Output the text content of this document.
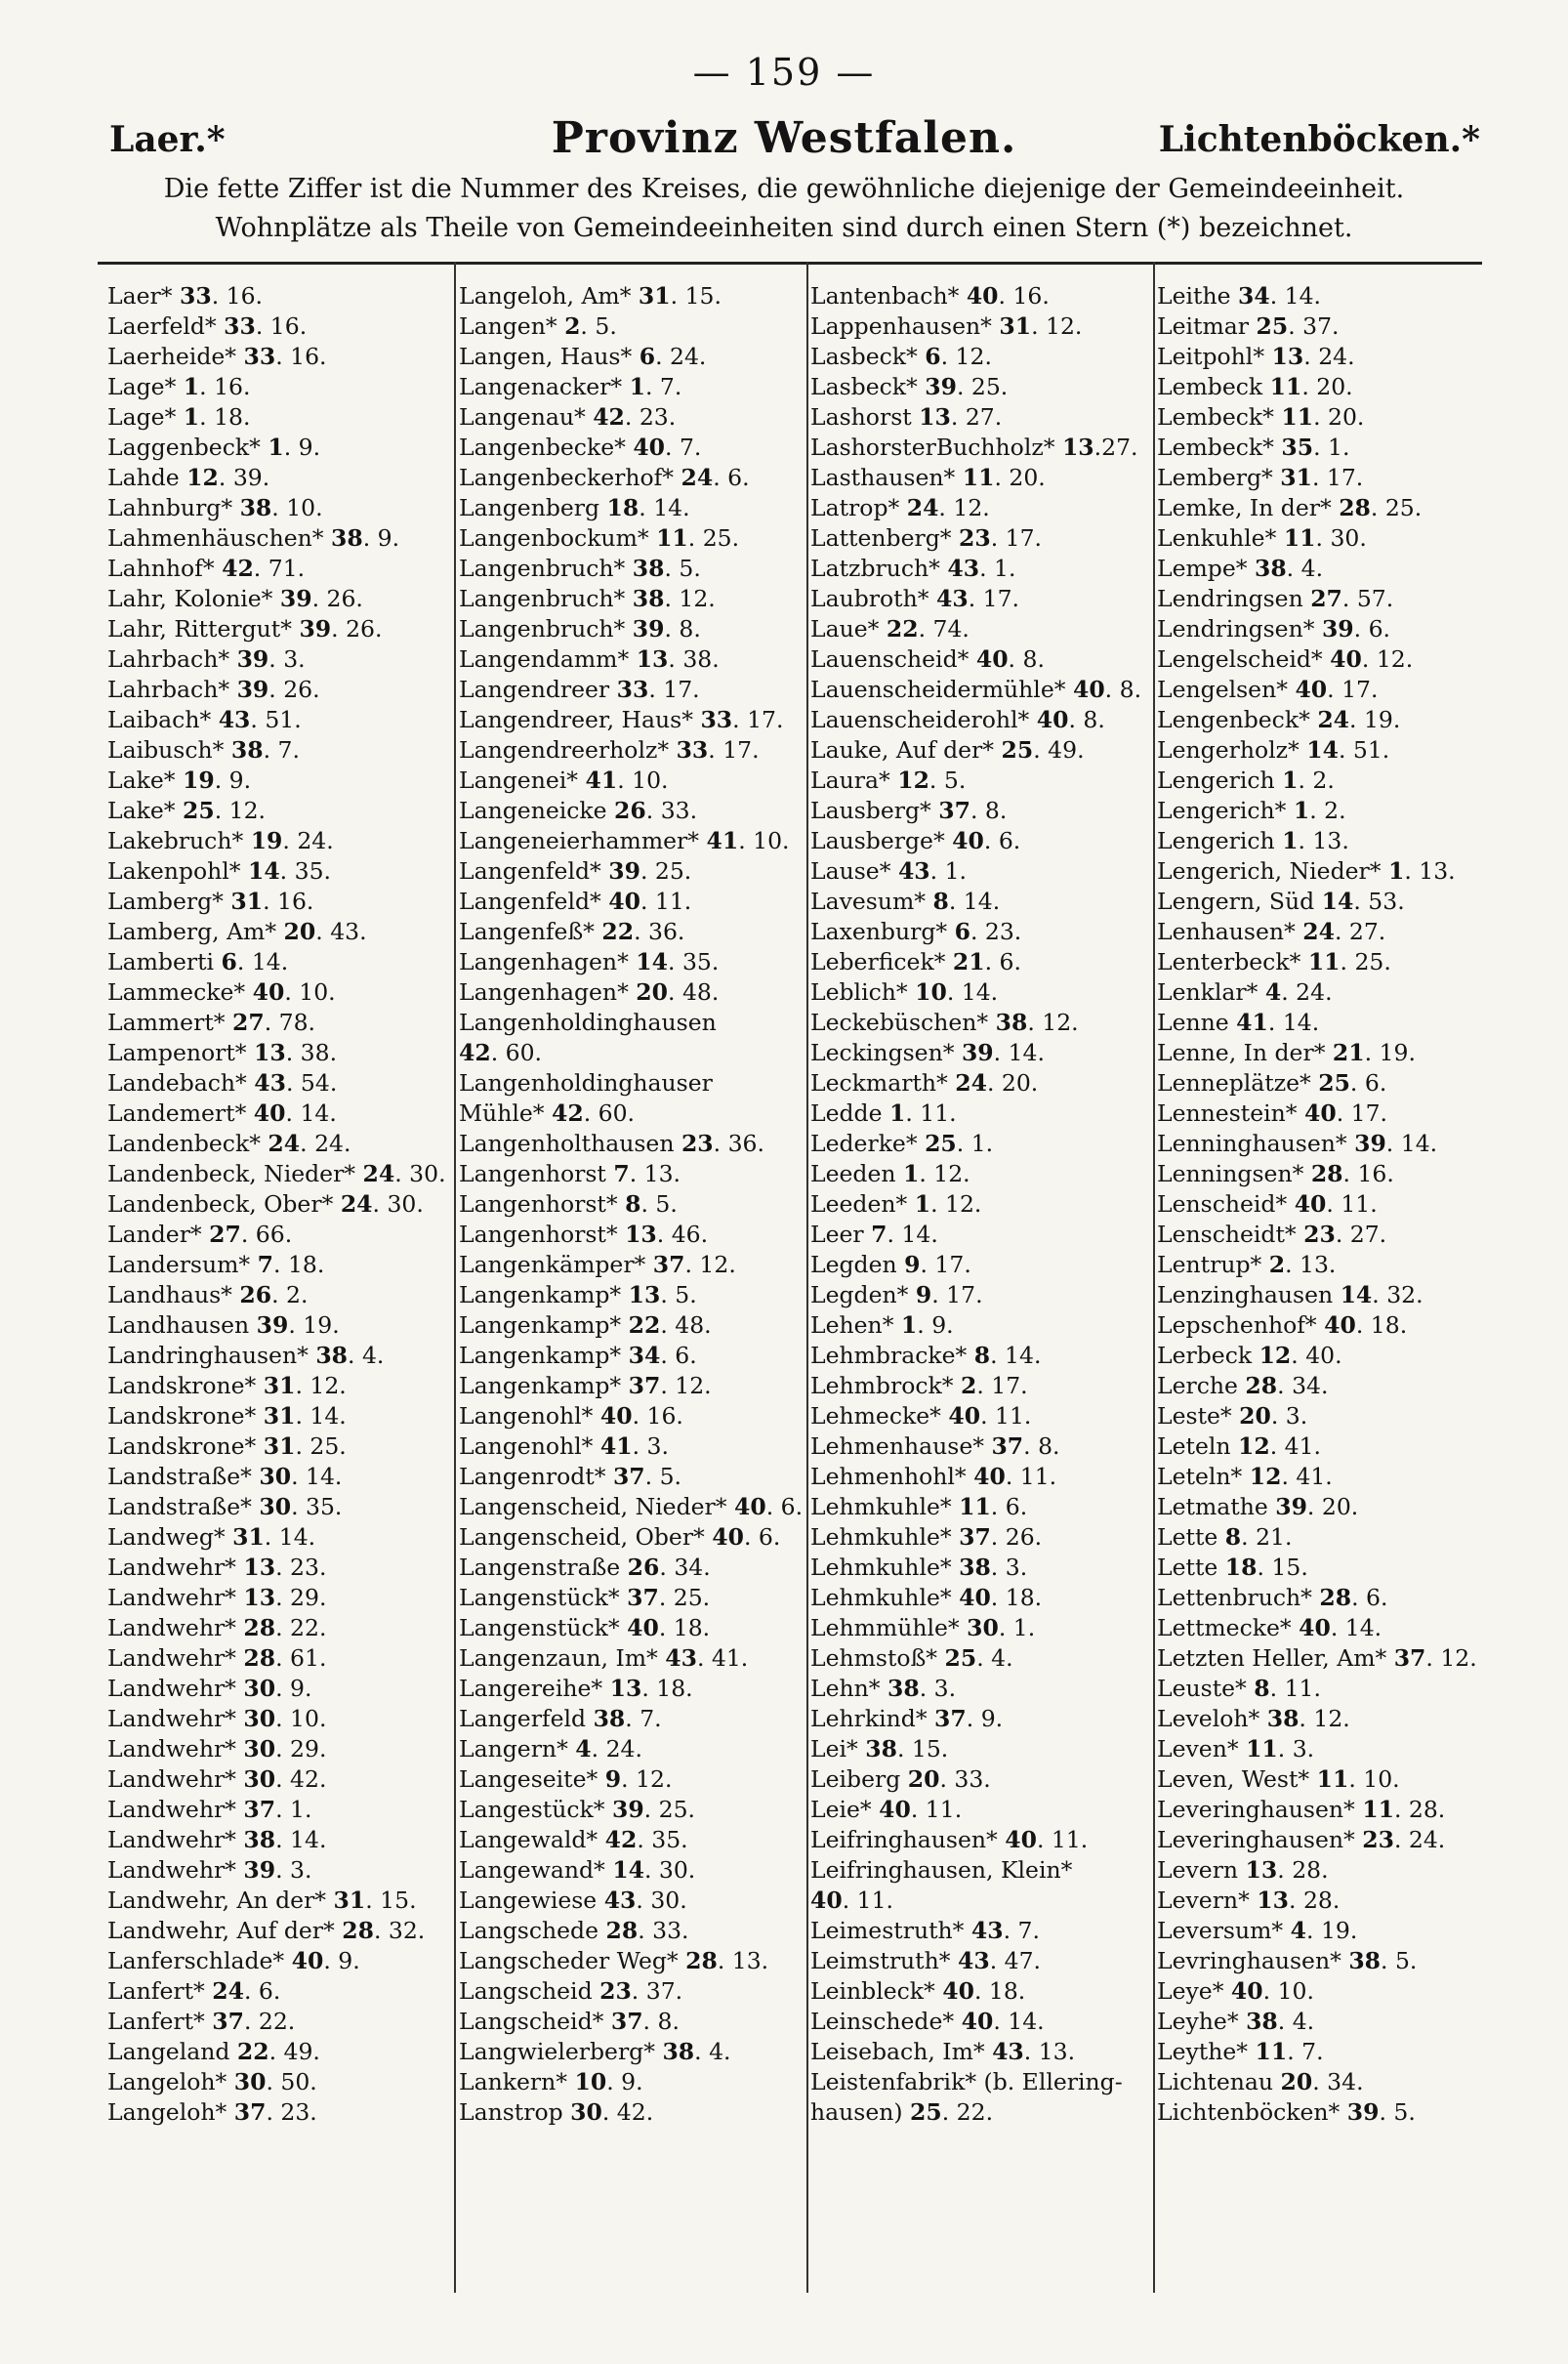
— 159 —
Laer.*	Provinz Westfalen.	Lichtenböcken.*
Die fette Ziffer ist die Nummer des Kreises, die gewöhnliche diejenige der Gemeindeeinheit.
Wohnplätze als Theile von Gemeindeeinheiten sind durch einen Stern (*) bezeichnet.
Laer* 33. 16.
Laerfeld* 33. 16.
Laerheide* 33. 16.
Lage* 1. 16.
Lage* 1. 18.
Laggenbeck* 1. 9.
Lahde 12. 39.
Lahnburg* 38. 10.
Lahmenhäuschen* 38. 9.
Lahnhof* 42. 71.
Lahr, Kolonie* 39. 26.
Lahr, Rittergut* 39. 26.
Lahrbach* 39. 3.
Lahrbach* 39. 26.
Laibach* 43. 51.
Laibusch* 38. 7.
Lake* 19. 9.
Lake* 25. 12.
Lakebruch* 19. 24.
Lakenpohl* 14. 35.
Lamberg* 31. 16.
Lamberg, Am* 20. 43.
Lamberti 6. 14.
Lammecke* 40. 10.
Lammert* 27. 78.
Lampenort* 13. 38.
Landebach* 43. 54.
Landemert* 40. 14.
Landenbeck* 24. 24.
Landenbeck, Nieder* 24. 30.
Landenbeck, Ober* 24. 30.
Lander* 27. 66.
Landersum* 7. 18.
Landhaus* 26. 2.
Landhausen 39. 19.
Landringhausen* 38. 4.
Landskrone* 31. 12.
Landskrone* 31. 14.
Landskrone* 31. 25.
Landstraße* 30. 14.
Landstraße* 30. 35.
Landweg* 31. 14.
Landwehr* 13. 23.
Landwehr* 13. 29.
Landwehr* 28. 22.
Landwehr* 28. 61.
Landwehr* 30. 9.
Landwehr* 30. 10.
Landwehr* 30. 29.
Landwehr* 30. 42.
Landwehr* 37. 1.
Landwehr* 38. 14.
Landwehr* 39. 3.
Landwehr, An der* 31. 15.
Landwehr, Auf der* 28. 32.
Lanferschlade* 40. 9.
Lanfert* 24. 6.
Lanfert* 37. 22.
Langeland 22. 49.
Langeloh* 30. 50.
Langeloh* 37. 23.
Langeloh, Am* 31. 15.
Langen* 2. 5.
Langen, Haus* 6. 24.
Langenacker* 1. 7.
Langenau* 42. 23.
Langenbecke* 40. 7.
Langenbeckerhof* 24. 6.
Langenberg 18. 14.
Langenbockum* 11. 25.
Langenbruch* 38. 5.
Langenbruch* 38. 12.
Langenbruch* 39. 8.
Langendamm* 13. 38.
Langendreer 33. 17.
Langendreer, Haus* 33. 17.
Langendreerholz* 33. 17.
Langenei* 41. 10.
Langeneicke 26. 33.
Langeneierhammer* 41. 10.
Langenfeld* 39. 25.
Langenfeld* 40. 11.
Langenfeß* 22. 36.
Langenhagen* 14. 35.
Langenhagen* 20. 48.
Langenholdinghausen
42. 60.
Langenholdinghauser
Mühle* 42. 60.
Langenholthausen 23. 36.
Langenhorst 7. 13.
Langenhorst* 8. 5.
Langenhorst* 13. 46.
Langenkämper* 37. 12.
Langenkamp* 13. 5.
Langenkamp* 22. 48.
Langenkamp* 34. 6.
Langenkamp* 37. 12.
Langenohl* 40. 16.
Langenohl* 41. 3.
Langenrodt* 37. 5.
Langenscheid, Nieder* 40. 6.
Langenscheid, Ober* 40. 6.
Langenstraße 26. 34.
Langenstück* 37. 25.
Langenstück* 40. 18.
Langenzaun, Im* 43. 41.
Langereihe* 13. 18.
Langerfeld 38. 7.
Langern* 4. 24.
Langeseite* 9. 12.
Langestück* 39. 25.
Langewald* 42. 35.
Langewand* 14. 30.
Langewiese 43. 30.
Langschede 28. 33.
Langscheder Weg* 28. 13.
Langscheid 23. 37.
Langscheid* 37. 8.
Langwielerberg* 38. 4.
Lankern* 10. 9.
Lanstrop 30. 42.
Lantenbach* 40. 16.
Lappenhausen* 31. 12.
Lasbeck* 6. 12.
Lasbeck* 39. 25.
Lashorst 13. 27.
LashorsterBuchholz* 13.27.
Lasthausen* 11. 20.
Latrop* 24. 12.
Lattenberg* 23. 17.
Latzbruch* 43. 1.
Laubroth* 43. 17.
Laue* 22. 74.
Lauenscheid* 40. 8.
Lauenscheidermühle* 40. 8.
Lauenscheiderohl* 40. 8.
Lauke, Auf der* 25. 49.
Laura* 12. 5.
Lausberg* 37. 8.
Lausberge* 40. 6.
Lause* 43. 1.
Lavesum* 8. 14.
Laxenburg* 6. 23.
Leberficek* 21. 6.
Leblich* 10. 14.
Leckebüschen* 38. 12.
Leckingsen* 39. 14.
Leckmarth* 24. 20.
Ledde 1. 11.
Lederke* 25. 1.
Leeden 1. 12.
Leeden* 1. 12.
Leer 7. 14.
Legden 9. 17.
Legden* 9. 17.
Lehen* 1. 9.
Lehmbracke* 8. 14.
Lehmbrock* 2. 17.
Lehmecke* 40. 11.
Lehmenhause* 37. 8.
Lehmenhohl* 40. 11.
Lehmkuhle* 11. 6.
Lehmkuhle* 37. 26.
Lehmkuhle* 38. 3.
Lehmkuhle* 40. 18.
Lehmmühle* 30. 1.
Lehmstoß* 25. 4.
Lehn* 38. 3.
Lehrkind* 37. 9.
Lei* 38. 15.
Leiberg 20. 33.
Leie* 40. 11.
Leifringhausen* 40. 11.
Leifringhausen, Klein*
40. 11.
Leimestruth* 43. 7.
Leimstruth* 43. 47.
Leinbleck* 40. 18.
Leinschede* 40. 14.
Leisebach, Im* 43. 13.
Leistenfabrik* (b. Ellering-
hausen) 25. 22.
Leithe 34. 14.
Leitmar 25. 37.
Leitpohl* 13. 24.
Lembeck 11. 20.
Lembeck* 11. 20.
Lembeck* 35. 1.
Lemberg* 31. 17.
Lemke, In der* 28. 25.
Lenkuhle* 11. 30.
Lempe* 38. 4.
Lendringsen 27. 57.
Lendringsen* 39. 6.
Lengelscheid* 40. 12.
Lengelsen* 40. 17.
Lengenbeck* 24. 19.
Lengerholz* 14. 51.
Lengerich 1. 2.
Lengerich* 1. 2.
Lengerich 1. 13.
Lengerich, Nieder* 1. 13.
Lengern, Süd 14. 53.
Lenhausen* 24. 27.
Lenterbeck* 11. 25.
Lenklar* 4. 24.
Lenne 41. 14.
Lenne, In der* 21. 19.
Lenneplätze* 25. 6.
Lennestein* 40. 17.
Lenninghausen* 39. 14.
Lenningsen* 28. 16.
Lenscheid* 40. 11.
Lenscheidt* 23. 27.
Lentrup* 2. 13.
Lenzinghausen 14. 32.
Lepschenhof* 40. 18.
Lerbeck 12. 40.
Lerche 28. 34.
Leste* 20. 3.
Leteln 12. 41.
Leteln* 12. 41.
Letmathe 39. 20.
Lette 8. 21.
Lette 18. 15.
Lettenbruch* 28. 6.
Lettmecke* 40. 14.
Letzten Heller, Am* 37. 12.
Leuste* 8. 11.
Leveloh* 38. 12.
Leven* 11. 3.
Leven, West* 11. 10.
Leveringhausen* 11. 28.
Leveringhausen* 23. 24.
Levern 13. 28.
Levern* 13. 28.
Leversum* 4. 19.
Levringhausen* 38. 5.
Leye* 40. 10.
Leyhe* 38. 4.
Leythe* 11. 7.
Lichtenau 20. 34.
Lichtenböcken* 39. 5.
